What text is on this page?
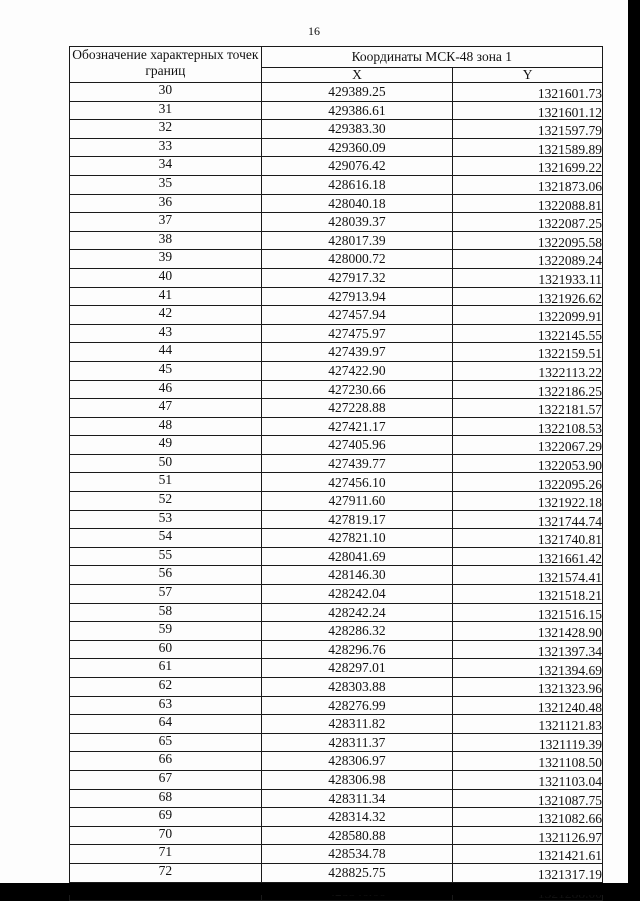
16
Обозначение характерных точек границ	Координаты МСК-48 зона 1	
	X	Y
30	429389.25	1321601.73
31	429386.61	1321601.12
32	429383.30	1321597.79
33	429360.09	1321589.89
34	429076.42	1321699.22
35	428616.18	1321873.06
36	428040.18	1322088.81
37	428039.37	1322087.25
38	428017.39	1322095.58
39	428000.72	1322089.24
40	427917.32	1321933.11
41	427913.94	1321926.62
42	427457.94	1322099.91
43	427475.97	1322145.55
44	427439.97	1322159.51
45	427422.90	1322113.22
46	427230.66	1322186.25
47	427228.88	1322181.57
48	427421.17	1322108.53
49	427405.96	1322067.29
50	427439.77	1322053.90
51	427456.10	1322095.26
52	427911.60	1321922.18
53	427819.17	1321744.74
54	427821.10	1321740.81
55	428041.69	1321661.42
56	428146.30	1321574.41
57	428242.04	1321518.21
58	428242.24	1321516.15
59	428286.32	1321428.90
60	428296.76	1321397.34
61	428297.01	1321394.69
62	428303.88	1321323.96
63	428276.99	1321240.48
64	428311.82	1321121.83
65	428311.37	1321119.39
66	428306.97	1321108.50
67	428306.98	1321103.04
68	428311.34	1321087.75
69	428314.32	1321082.66
70	428580.88	1321126.97
71	428534.78	1321421.61
72	428825.75	1321317.19
